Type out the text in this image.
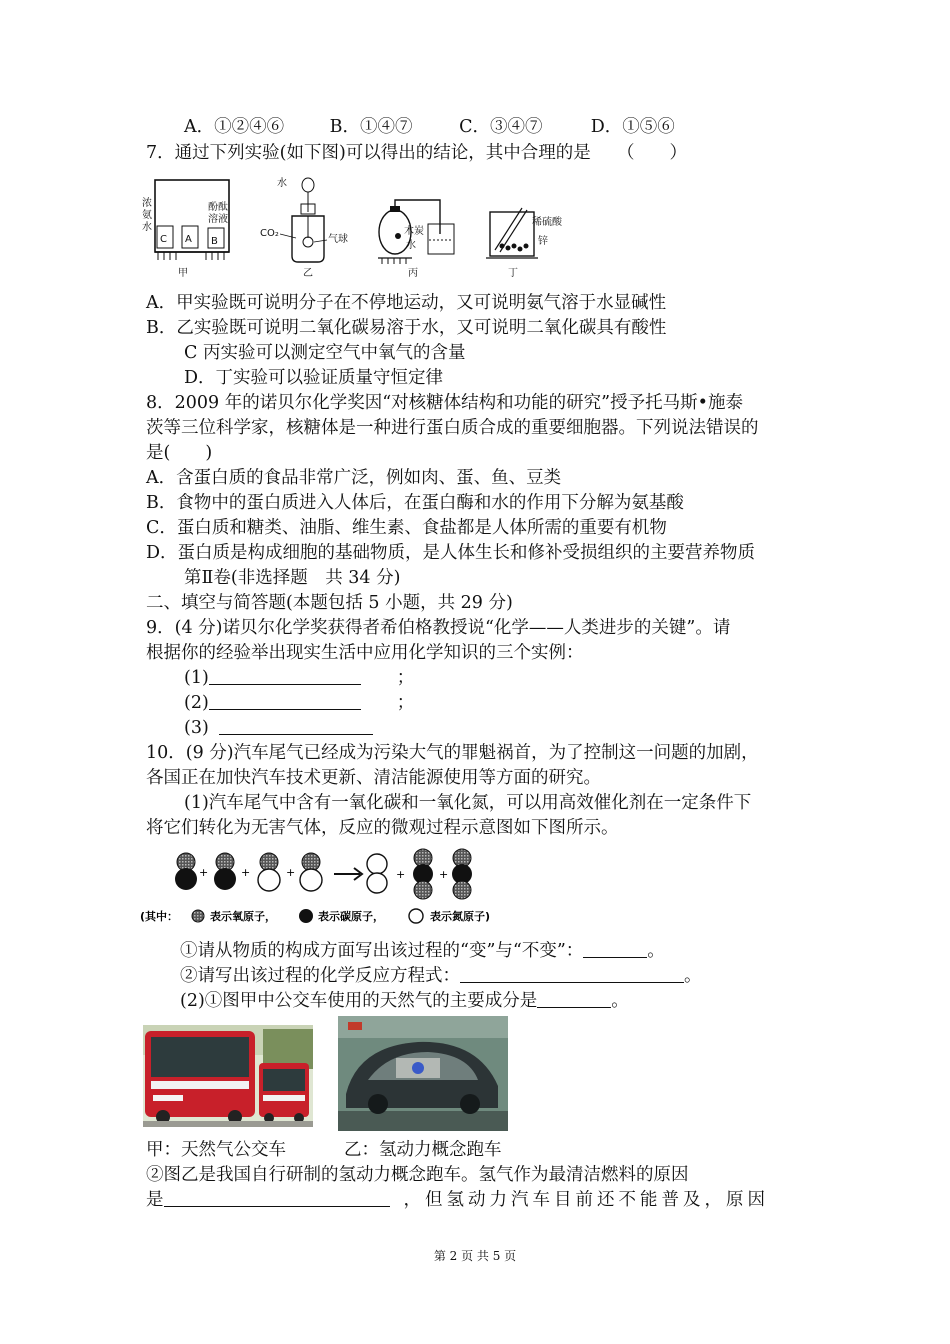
A．①②④⑥	B．①④⑦	C．③④⑦	D．①⑤⑥
7．通过下列实验(如下图)可以得出的结论，其中合理的是　　（　　）
C A B
浓
氨
水
酚酞
溶液
甲
水
CO₂
气球
乙
木炭
水
丙
稀硫酸
锌
丁
A．甲实验既可说明分子在不停地运动，又可说明氨气溶于水显碱性
B．乙实验既可说明二氧化碳易溶于水，又可说明二氧化碳具有酸性
C 丙实验可以测定空气中氧气的含量
D．丁实验可以验证质量守恒定律
8．2009 年的诺贝尔化学奖因“对核糖体结构和功能的研究”授予托马斯•施泰
茨等三位科学家，核糖体是一种进行蛋白质合成的重要细胞器。下列说法错误的
是(　　)
A．含蛋白质的食品非常广泛，例如肉、蛋、鱼、豆类
B．食物中的蛋白质进入人体后，在蛋白酶和水的作用下分解为氨基酸
C．蛋白质和糖类、油脂、维生素、食盐都是人体所需的重要有机物
D．蛋白质是构成细胞的基础物质，是人体生长和修补受损组织的主要营养物质
第Ⅱ卷(非选择题　共 34 分)
二、填空与简答题(本题包括 5 小题，共 29 分)
9．(4 分)诺贝尔化学奖获得者希伯格教授说“化学——人类进步的关键”。请
根据你的经验举出现实生活中应用化学知识的三个实例：
(1)	；
(2)	；
(3)
10．(9 分)汽车尾气已经成为污染大气的罪魁祸首，为了控制这一问题的加剧，
各国正在加快汽车技术更新、清洁能源使用等方面的研究。
(1)汽车尾气中含有一氧化碳和一氧化氮，可以用高效催化剂在一定条件下
将它们转化为无害气体，反应的微观过程示意图如下图所示。
+	+	+	+	+
(其中：	表示氧原子，	表示碳原子，	表示氮原子)
①请从物质的构成方面写出该过程的“变”与“不变”：	。
②请写出该过程的化学反应方程式：	。
(2)①图甲中公交车使用的天然气的主要成分是	。
甲：天然气公交车	乙：氢动力概念跑车
②图乙是我国自行研制的氢动力概念跑车。氢气作为最清洁燃料的原因
是	，但氢动力汽车目前还不能普及，原因
第 2 页 共 5 页
